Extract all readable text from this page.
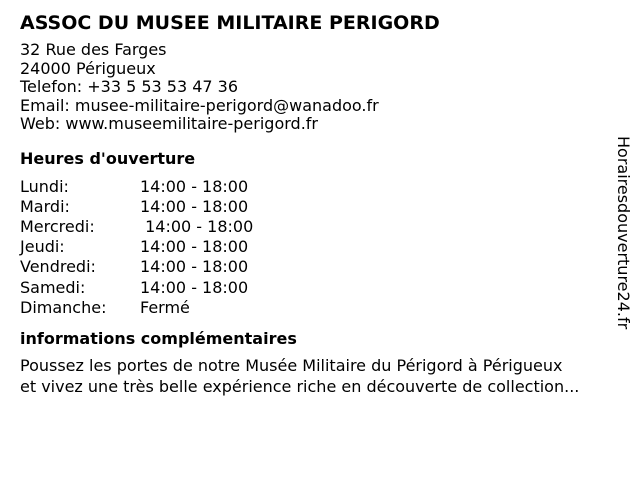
ASSOC DU MUSEE MILITAIRE PERIGORD
32 Rue des Farges
24000 Périgueux
Telefon: +33 5 53 53 47 36
Email: musee-militaire-perigord@wanadoo.fr
Web: www.museemilitaire-perigord.fr
Heures d'ouverture
Lundi:	14:00 - 18:00
Mardi:	14:00 - 18:00
Mercredi:	14:00 - 18:00
Jeudi:	14:00 - 18:00
Vendredi:	14:00 - 18:00
Samedi:	14:00 - 18:00
Dimanche:	Fermé
informations complémentaires
Poussez les portes de notre Musée Militaire du Périgord à Périgueux
et vivez une très belle expérience riche en découverte de collection...
Horairesdouverture24.fr
